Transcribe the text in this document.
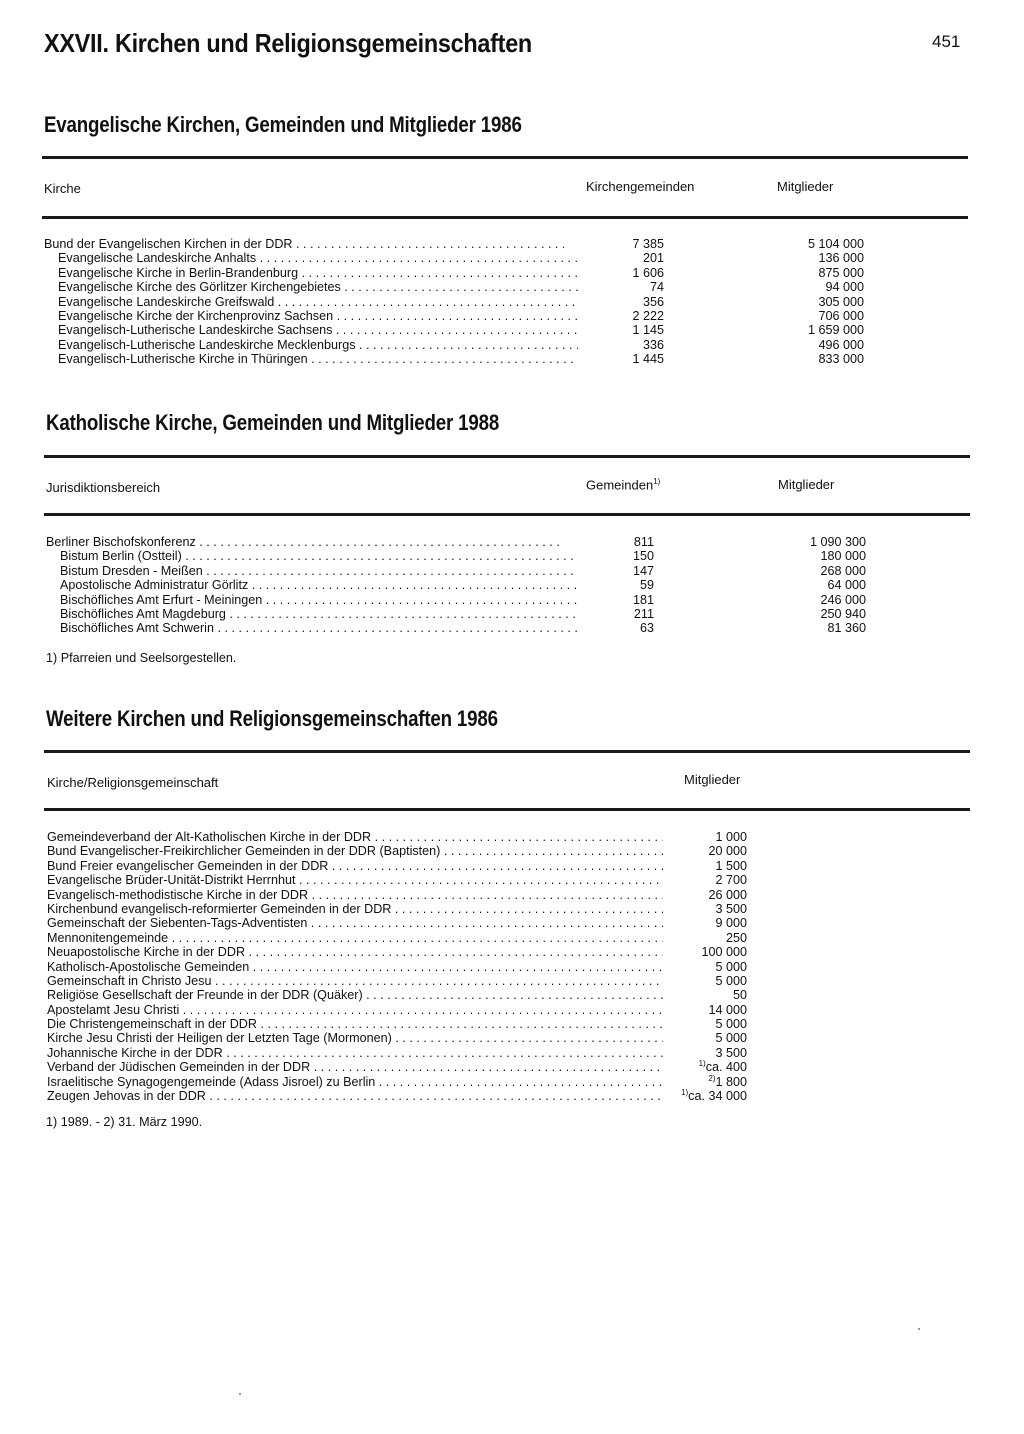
XXVII. Kirchen und Religionsgemeinschaften	451
Evangelische Kirchen, Gemeinden und Mitglieder 1986
Kirche	Kirchengemeinden	Mitglieder
Bund der Evangelischen Kirchen in der DDR . . .	7 385	5 104 000
Evangelische Landeskirche Anhalts . . .	201	136 000
Evangelische Kirche in Berlin-Brandenburg . . .	1 606	875 000
Evangelische Kirche des Görlitzer Kirchengebietes . . .	74	94 000
Evangelische Landeskirche Greifswald . . .	356	305 000
Evangelische Kirche der Kirchenprovinz Sachsen . . .	2 222	706 000
Evangelisch-Lutherische Landeskirche Sachsens . . .	1 145	1 659 000
Evangelisch-Lutherische Landeskirche Mecklenburgs . . .	336	496 000
Evangelisch-Lutherische Kirche in Thüringen . . .	1 445	833 000
Katholische Kirche, Gemeinden und Mitglieder 1988
Jurisdiktionsbereich	Gemeinden$^{1)}$	Mitglieder
Berliner Bischofskonferenz . . .	811	1 090 300
Bistum Berlin (Ostteil) . . .	150	180 000
Bistum Dresden - Meißen . . .	147	268 000
Apostolische Administratur Görlitz . . .	59	64 000
Bischöfliches Amt Erfurt - Meiningen . . .	181	246 000
Bischöfliches Amt Magdeburg . . .	211	250 940
Bischöfliches Amt Schwerin . . .	63	81 360
1) Pfarreien und Seelsorgestellen.
Weitere Kirchen und Religionsgemeinschaften 1986
Kirche/Religionsgemeinschaft	Mitglieder
Gemeindeverband der Alt-Katholischen Kirche in der DDR . . .	1 000
Bund Evangelischer-Freikirchlicher Gemeinden in der DDR (Baptisten) . . .	20 000
Bund Freier evangelischer Gemeinden in der DDR . . .	1 500
Evangelische Brüder-Unität-Distrikt Herrnhut . . .	2 700
Evangelisch-methodistische Kirche in der DDR . . .	26 000
Kirchenbund evangelisch-reformierter Gemeinden in der DDR . . .	3 500
Gemeinschaft der Siebenten-Tags-Adventisten . . .	9 000
Mennonitengemeinde . . .	250
Neuapostolische Kirche in der DDR . . .	100 000
Katholisch-Apostolische Gemeinden . . .	5 000
Gemeinschaft in Christo Jesu . . .	5 000
Religiöse Gesellschaft der Freunde in der DDR (Quäker) . . .	50
Apostelamt Jesu Christi . . .	14 000
Die Christengemeinschaft in der DDR . . .	5 000
Kirche Jesu Christi der Heiligen der Letzten Tage (Mormonen) . . .	5 000
Johannische Kirche in der DDR . . .	3 500
Verband der Jüdischen Gemeinden in der DDR . . .	$^{1)}$ca. 400
Israelitische Synagogengemeinde (Adass Jisroel) zu Berlin . . .	$^{2)}$1 800
Zeugen Jehovas in der DDR . . .	$^{1)}$ca. 34 000
1) 1989. - 2) 31. März 1990.
